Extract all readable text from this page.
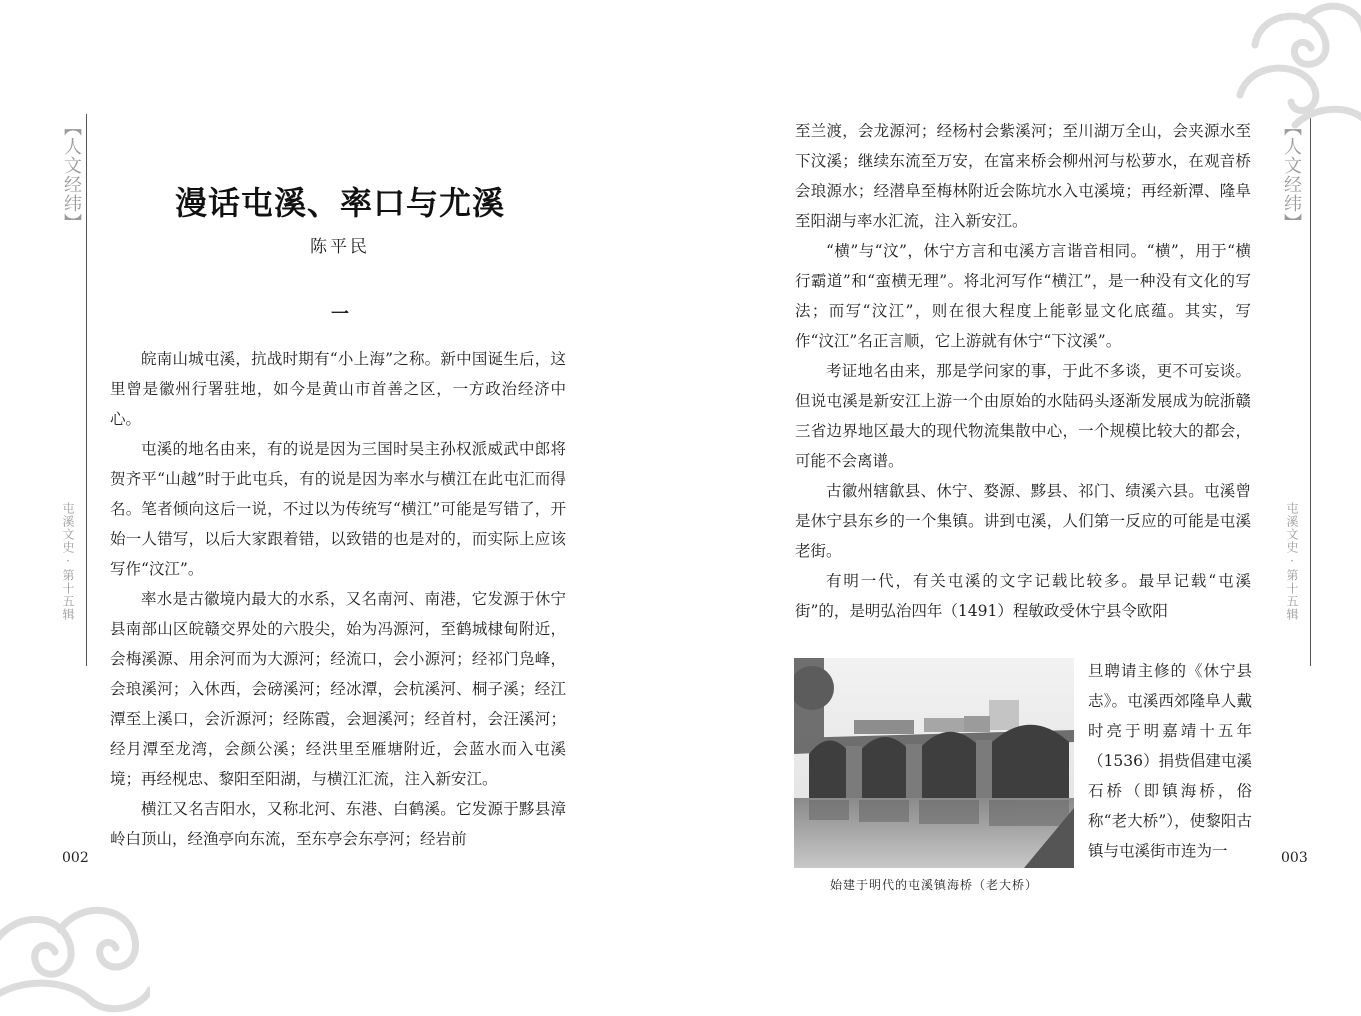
【人文经纬】
屯溪文史·第十五辑
002
漫话屯溪、率口与尤溪
陈平民
一

皖南山城屯溪，抗战时期有“小上海”之称。新中国诞生后，这里曾是徽州行署驻地，如今是黄山市首善之区，一方政治经济中心。

屯溪的地名由来，有的说是因为三国时吴主孙权派威武中郎将贺齐平“山越”时于此屯兵，有的说是因为率水与横江在此屯汇而得名。笔者倾向这后一说，不过以为传统写“横江”可能是写错了，开始一人错写，以后大家跟着错，以致错的也是对的，而实际上应该写作“汶江”。

率水是古徽境内最大的水系，又名南河、南港，它发源于休宁县南部山区皖赣交界处的六股尖，始为冯源河，至鹤城棣甸附近，会梅溪源、用余河而为大源河；经流口，会小源河；经祁门凫峰，会琅溪河；入休西，会磅溪河；经冰潭，会杭溪河、桐子溪；经江潭至上溪口，会沂源河；经陈霞，会迴溪河；经首村，会汪溪河；经月潭至龙湾，会颜公溪；经洪里至雁塘附近，会蓝水而入屯溪境；再经枧忠、黎阳至阳湖，与横江汇流，注入新安江。

横江又名吉阳水，又称北河、东港、白鹤溪。它发源于黟县漳岭白顶山，经渔亭向东流，至东亭会东亭河；经岩前

【人文经纬】
屯溪文史·第十五辑
003

至兰渡，会龙源河；经杨村会紫溪河；至川湖万全山，会夹源水至下汶溪；继续东流至万安，在富来桥会柳州河与松萝水，在观音桥会琅源水；经潜阜至梅林附近会陈坑水入屯溪境；再经新潭、隆阜至阳湖与率水汇流，注入新安江。

“横”与“汶”，休宁方言和屯溪方言谐音相同。“横”，用于“横行霸道”和“蛮横无理”。将北河写作“横江”，是一种没有文化的写法；而写“汶江”，则在很大程度上能彰显文化底蕴。其实，写作“汶江”名正言顺，它上游就有休宁“下汶溪”。

考证地名由来，那是学问家的事，于此不多谈，更不可妄谈。但说屯溪是新安江上游一个由原始的水陆码头逐渐发展成为皖浙赣三省边界地区最大的现代物流集散中心，一个规模比较大的都会，可能不会离谱。

古徽州辖歙县、休宁、婺源、黟县、祁门、绩溪六县。屯溪曾是休宁县东乡的一个集镇。讲到屯溪，人们第一反应的可能是屯溪老街。

有明一代，有关屯溪的文字记载比较多。最早记载“屯溪街”的，是明弘治四年（1491）程敏政受休宁县令欧阳

始建于明代的屯溪镇海桥（老大桥）
旦聘请主修的《休宁县志》。屯溪西郊隆阜人戴时亮于明嘉靖十五年（1536）捐赀倡建屯溪石桥（即镇海桥，俗称“老大桥”），使黎阳古镇与屯溪街市连为一
